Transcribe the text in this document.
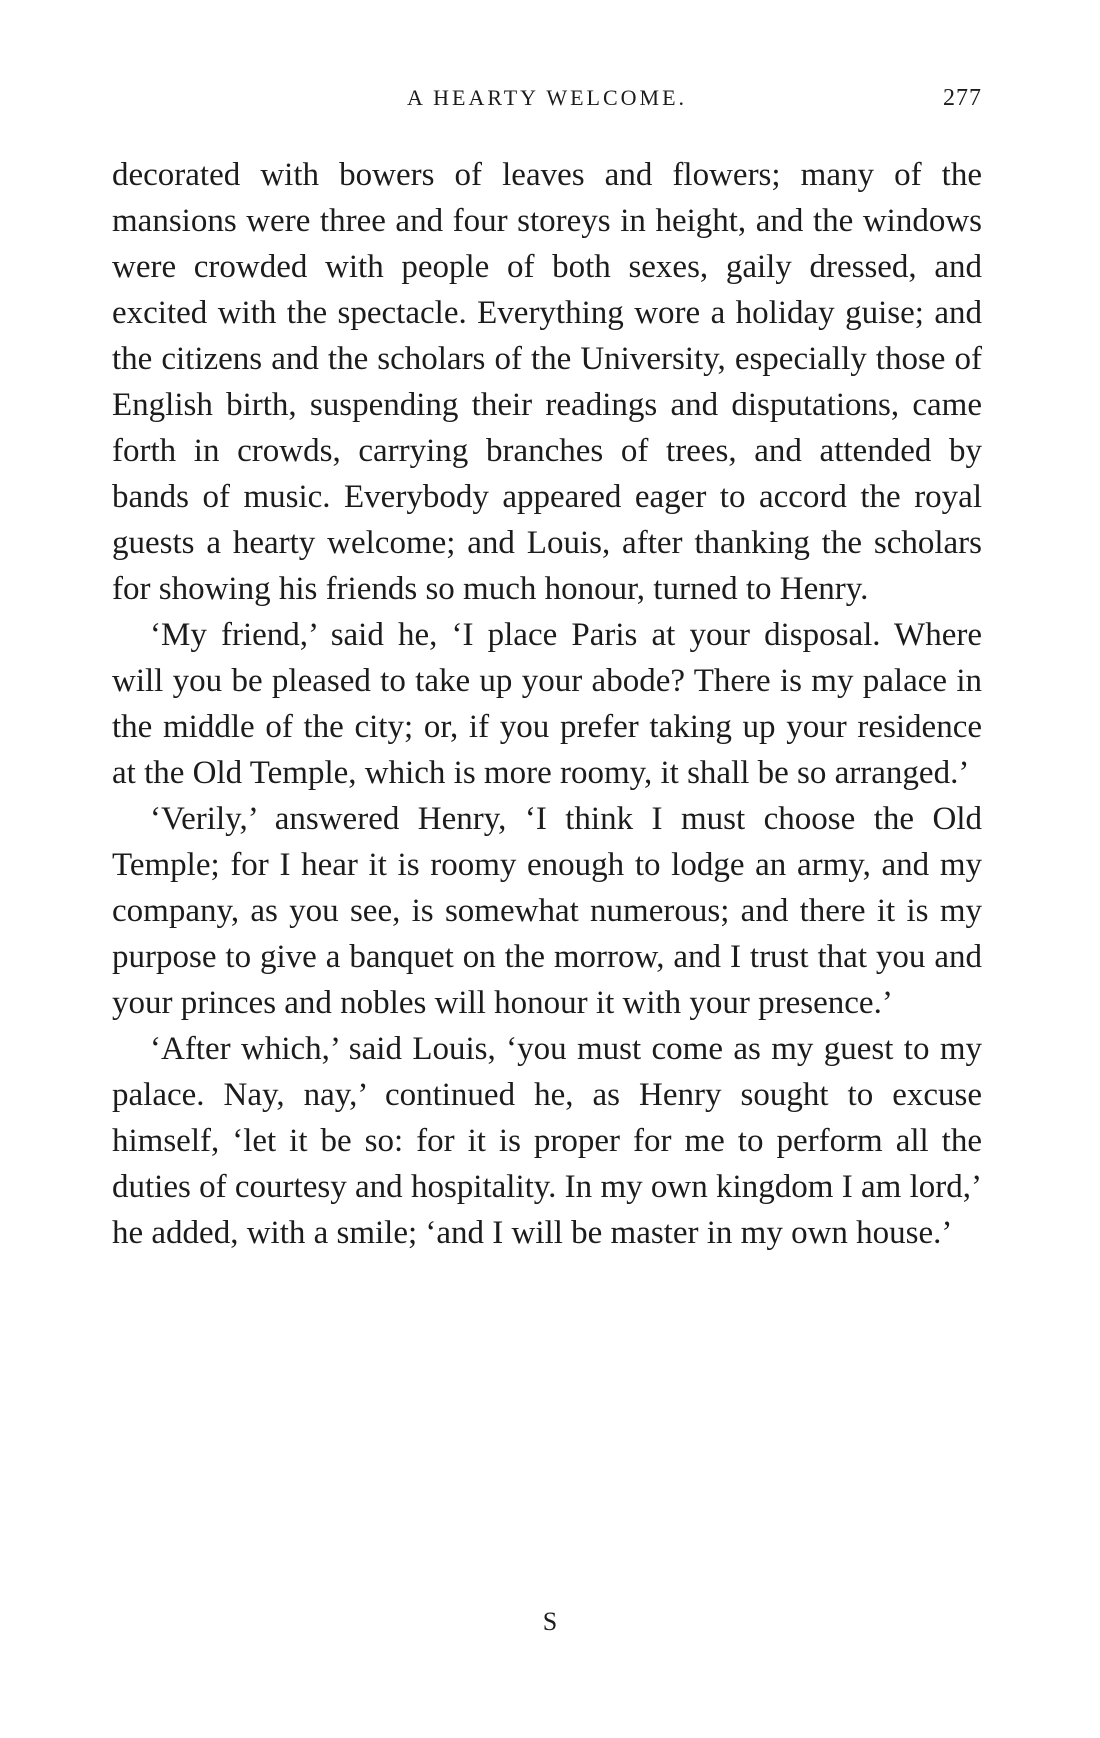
A HEARTY WELCOME.	277

decorated with bowers of leaves and flowers; many of the mansions were three and four storeys in height, and the windows were crowded with people of both sexes, gaily dressed, and excited with the spectacle. Everything wore a holiday guise; and the citizens and the scholars of the University, especially those of English birth, suspending their readings and disputations, came forth in crowds, carrying branches of trees, and attended by bands of music. Everybody appeared eager to accord the royal guests a hearty welcome; and Louis, after thanking the scholars for showing his friends so much honour, turned to Henry.

‘My friend,’ said he, ‘I place Paris at your disposal. Where will you be pleased to take up your abode? There is my palace in the middle of the city; or, if you prefer taking up your residence at the Old Temple, which is more roomy, it shall be so arranged.’

‘Verily,’ answered Henry, ‘I think I must choose the Old Temple; for I hear it is roomy enough to lodge an army, and my company, as you see, is somewhat numerous; and there it is my purpose to give a banquet on the morrow, and I trust that you and your princes and nobles will honour it with your presence.’

‘After which,’ said Louis, ‘you must come as my guest to my palace. Nay, nay,’ continued he, as Henry sought to excuse himself, ‘let it be so: for it is proper for me to perform all the duties of courtesy and hospitality. In my own kingdom I am lord,’ he added, with a smile; ‘and I will be master in my own house.’

S
